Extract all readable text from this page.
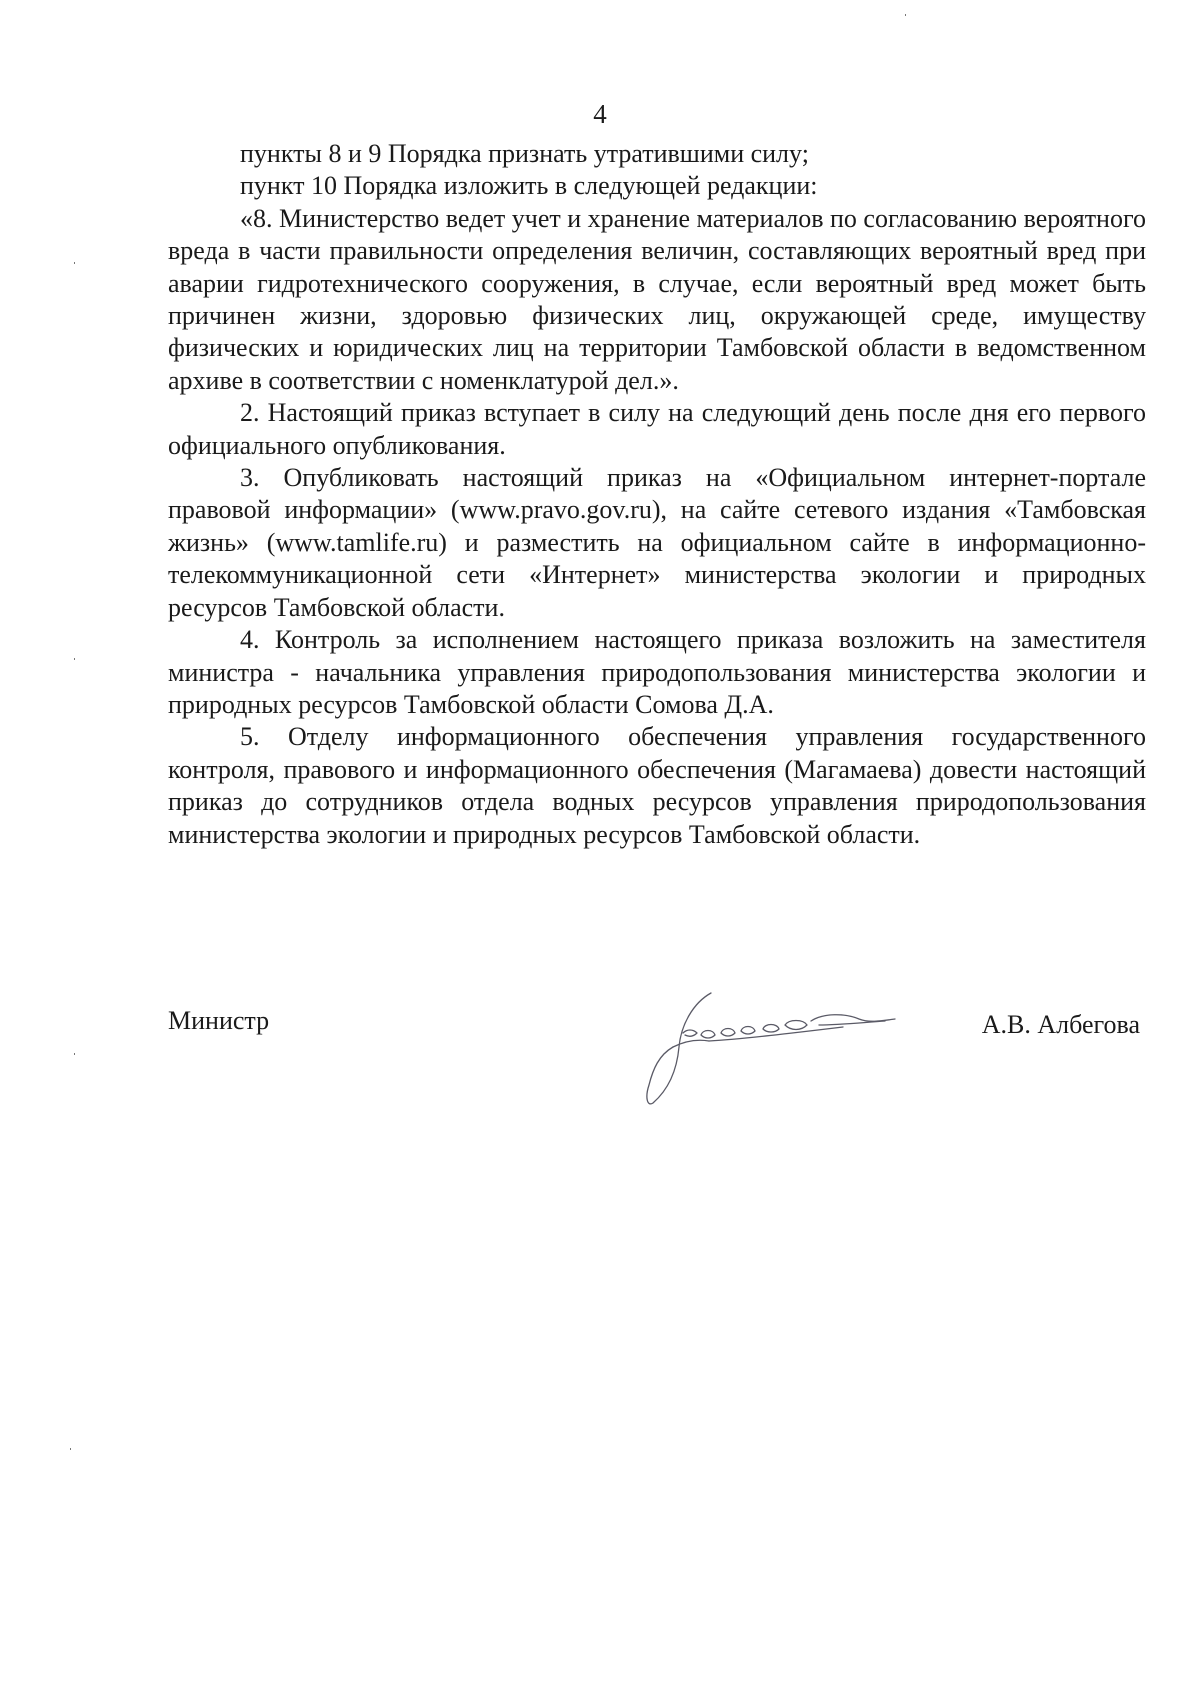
4

пункты 8 и 9 Порядка признать утратившими силу;

пункт 10 Порядка изложить в следующей редакции:

«8. Министерство ведет учет и хранение материалов по согласованию вероятного вреда в части правильности определения величин, составляющих вероятный вред при аварии гидротехнического сооружения, в случае, если вероятный вред может быть причинен жизни, здоровью физических лиц, окружающей среде, имуществу физических и юридических лиц на территории Тамбовской области в ведомственном архиве в соответствии с номенклатурой дел.».

2. Настоящий приказ вступает в силу на следующий день после дня его первого официального опубликования.

3. Опубликовать настоящий приказ на «Официальном интернет-портале правовой информации» (www.pravo.gov.ru), на сайте сетевого издания «Тамбовская жизнь» (www.tamlife.ru) и разместить на официальном сайте в информационно-телекоммуникационной сети «Интернет» министерства экологии и природных ресурсов Тамбовской области.

4. Контроль за исполнением настоящего приказа возложить на заместителя министра - начальника управления природопользования министерства экологии и природных ресурсов Тамбовской области Сомова Д.А.

5. Отделу информационного обеспечения управления государственного контроля, правового и информационного обеспечения (Магамаева) довести настоящий приказ до сотрудников отдела водных ресурсов управления природопользования министерства экологии и природных ресурсов Тамбовской области.

Министр	А.В. Албегова
